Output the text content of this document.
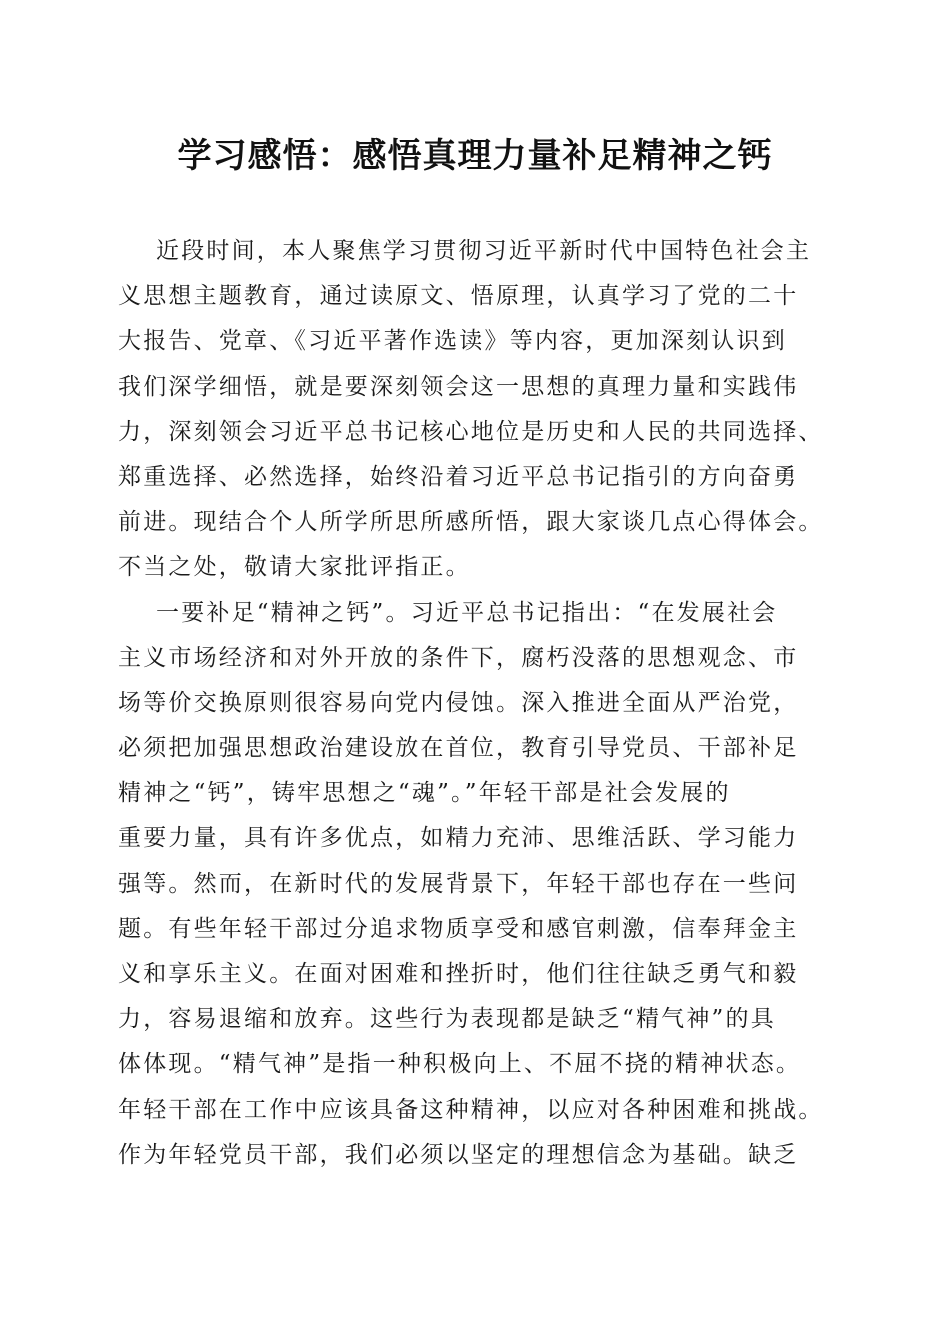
学习感悟：感悟真理力量补足精神之钙
近段时间，本人聚焦学习贯彻习近平新时代中国特色社会主
义思想主题教育，通过读原文、悟原理，认真学习了党的二十
大报告、党章、《习近平著作选读》等内容，更加深刻认识到
我们深学细悟，就是要深刻领会这一思想的真理力量和实践伟
力，深刻领会习近平总书记核心地位是历史和人民的共同选择、
郑重选择、必然选择，始终沿着习近平总书记指引的方向奋勇
前进。现结合个人所学所思所感所悟，跟大家谈几点心得体会。
不当之处，敬请大家批评指正。
一要补足“精神之钙”。习近平总书记指出：“在发展社会
主义市场经济和对外开放的条件下，腐朽没落的思想观念、市
场等价交换原则很容易向党内侵蚀。深入推进全面从严治党，
必须把加强思想政治建设放在首位，教育引导党员、干部补足
精神之“钙”，铸牢思想之“魂”。”年轻干部是社会发展的
重要力量，具有许多优点，如精力充沛、思维活跃、学习能力
强等。然而，在新时代的发展背景下，年轻干部也存在一些问
题。有些年轻干部过分追求物质享受和感官刺激，信奉拜金主
义和享乐主义。在面对困难和挫折时，他们往往缺乏勇气和毅
力，容易退缩和放弃。这些行为表现都是缺乏“精气神”的具
体体现。“精气神”是指一种积极向上、不屈不挠的精神状态。
年轻干部在工作中应该具备这种精神，以应对各种困难和挑战。
作为年轻党员干部，我们必须以坚定的理想信念为基础。缺乏
